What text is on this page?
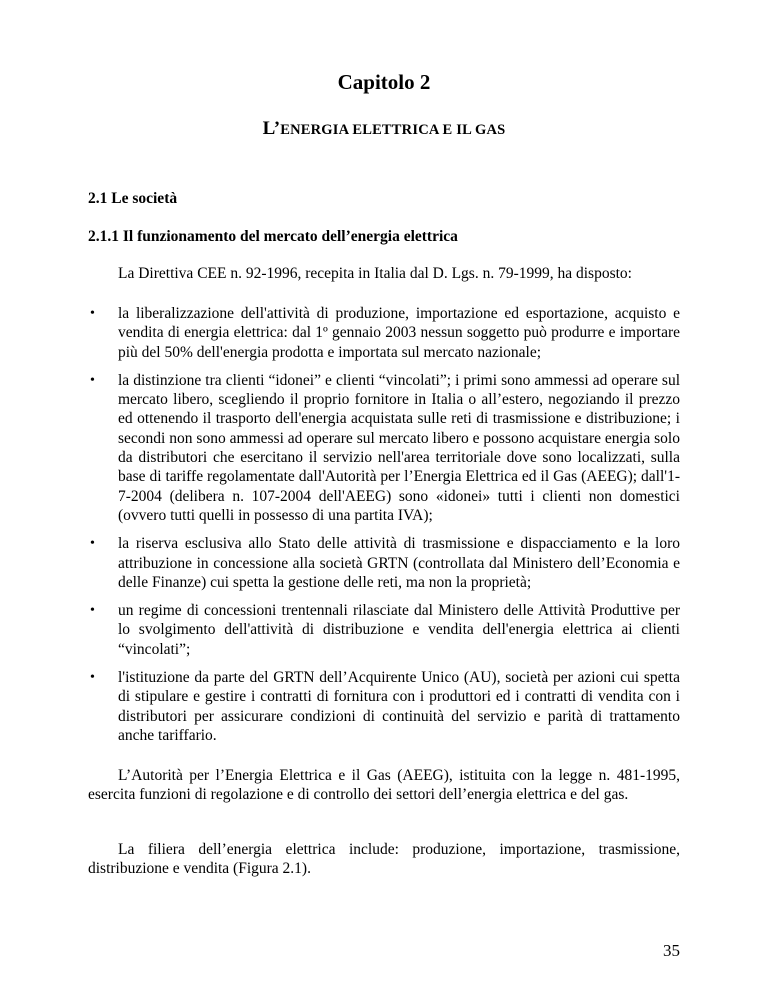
Capitolo 2
L’ENERGIA ELETTRICA E IL GAS
2.1 Le società
2.1.1 Il funzionamento del mercato dell’energia elettrica

La Direttiva CEE n. 92-1996, recepita in Italia dal D. Lgs. n. 79-1999, ha disposto:

• la liberalizzazione dell'attività di produzione, importazione ed esportazione, acquisto e vendita di energia elettrica: dal 1º gennaio 2003 nessun soggetto può produrre e importare più del 50% dell'energia prodotta e importata sul mercato nazionale;
• la distinzione tra clienti “idonei” e clienti “vincolati”; i primi sono ammessi ad operare sul mercato libero, scegliendo il proprio fornitore in Italia o all’estero, negoziando il prezzo ed ottenendo il trasporto dell'energia acquistata sulle reti di trasmissione e distribuzione; i secondi non sono ammessi ad operare sul mercato libero e possono acquistare energia solo da distributori che esercitano il servizio nell'area territoriale dove sono localizzati, sulla base di tariffe regolamentate dall'Autorità per l’Energia Elettrica ed il Gas (AEEG); dall'1-7-2004 (delibera n. 107-2004 dell'AEEG) sono «idonei» tutti i clienti non domestici (ovvero tutti quelli in possesso di una partita IVA);
• la riserva esclusiva allo Stato delle attività di trasmissione e dispacciamento e la loro attribuzione in concessione alla società GRTN (controllata dal Ministero dell’Economia e delle Finanze) cui spetta la gestione delle reti, ma non la proprietà;
• un regime di concessioni trentennali rilasciate dal Ministero delle Attività Produttive per lo svolgimento dell'attività di distribuzione e vendita dell'energia elettrica ai clienti “vincolati”;
• l'istituzione da parte del GRTN dell’Acquirente Unico (AU), società per azioni cui spetta di stipulare e gestire i contratti di fornitura con i produttori ed i contratti di vendita con i distributori per assicurare condizioni di continuità del servizio e parità di trattamento anche tariffario.

L’Autorità per l’Energia Elettrica e il Gas (AEEG), istituita con la legge n. 481-1995, esercita funzioni di regolazione e di controllo dei settori dell’energia elettrica e del gas.

La filiera dell’energia elettrica include: produzione, importazione, trasmissione, distribuzione e vendita (Figura 2.1).

35
